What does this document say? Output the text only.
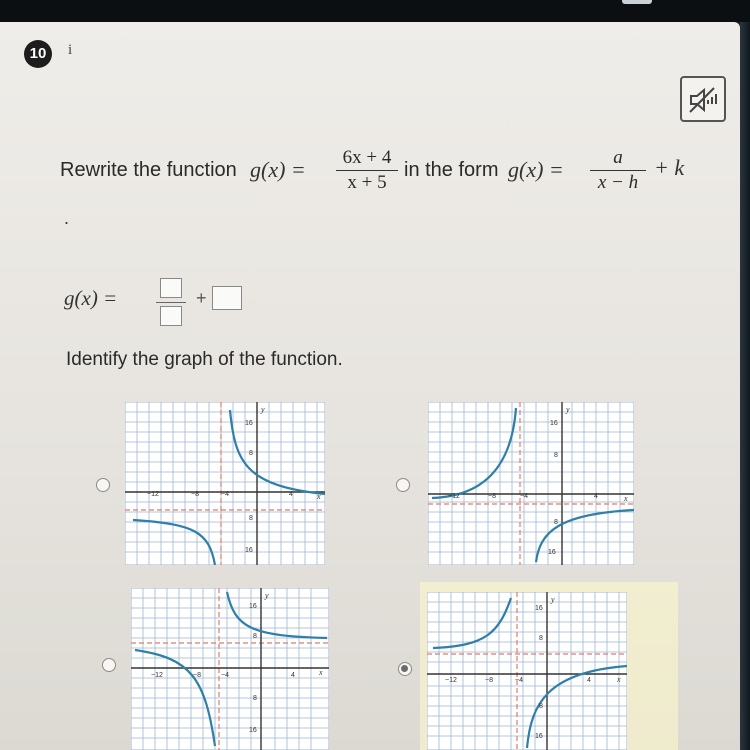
10	i
Rewrite the function g(x) =	6x + 4
x + 5
in the form g(x) =	a
x − h
+ k
.
g(x) =	+
Identify the graph of the function.
y
x
16
8
8
16
−12	−8	−4	4
y
x
16
8
8
16
−12	−8	−4	4
y
x
16
8
8
16
−12	−8	−4	4
y
x
16
8
8
16
−12	−8	−4	4
